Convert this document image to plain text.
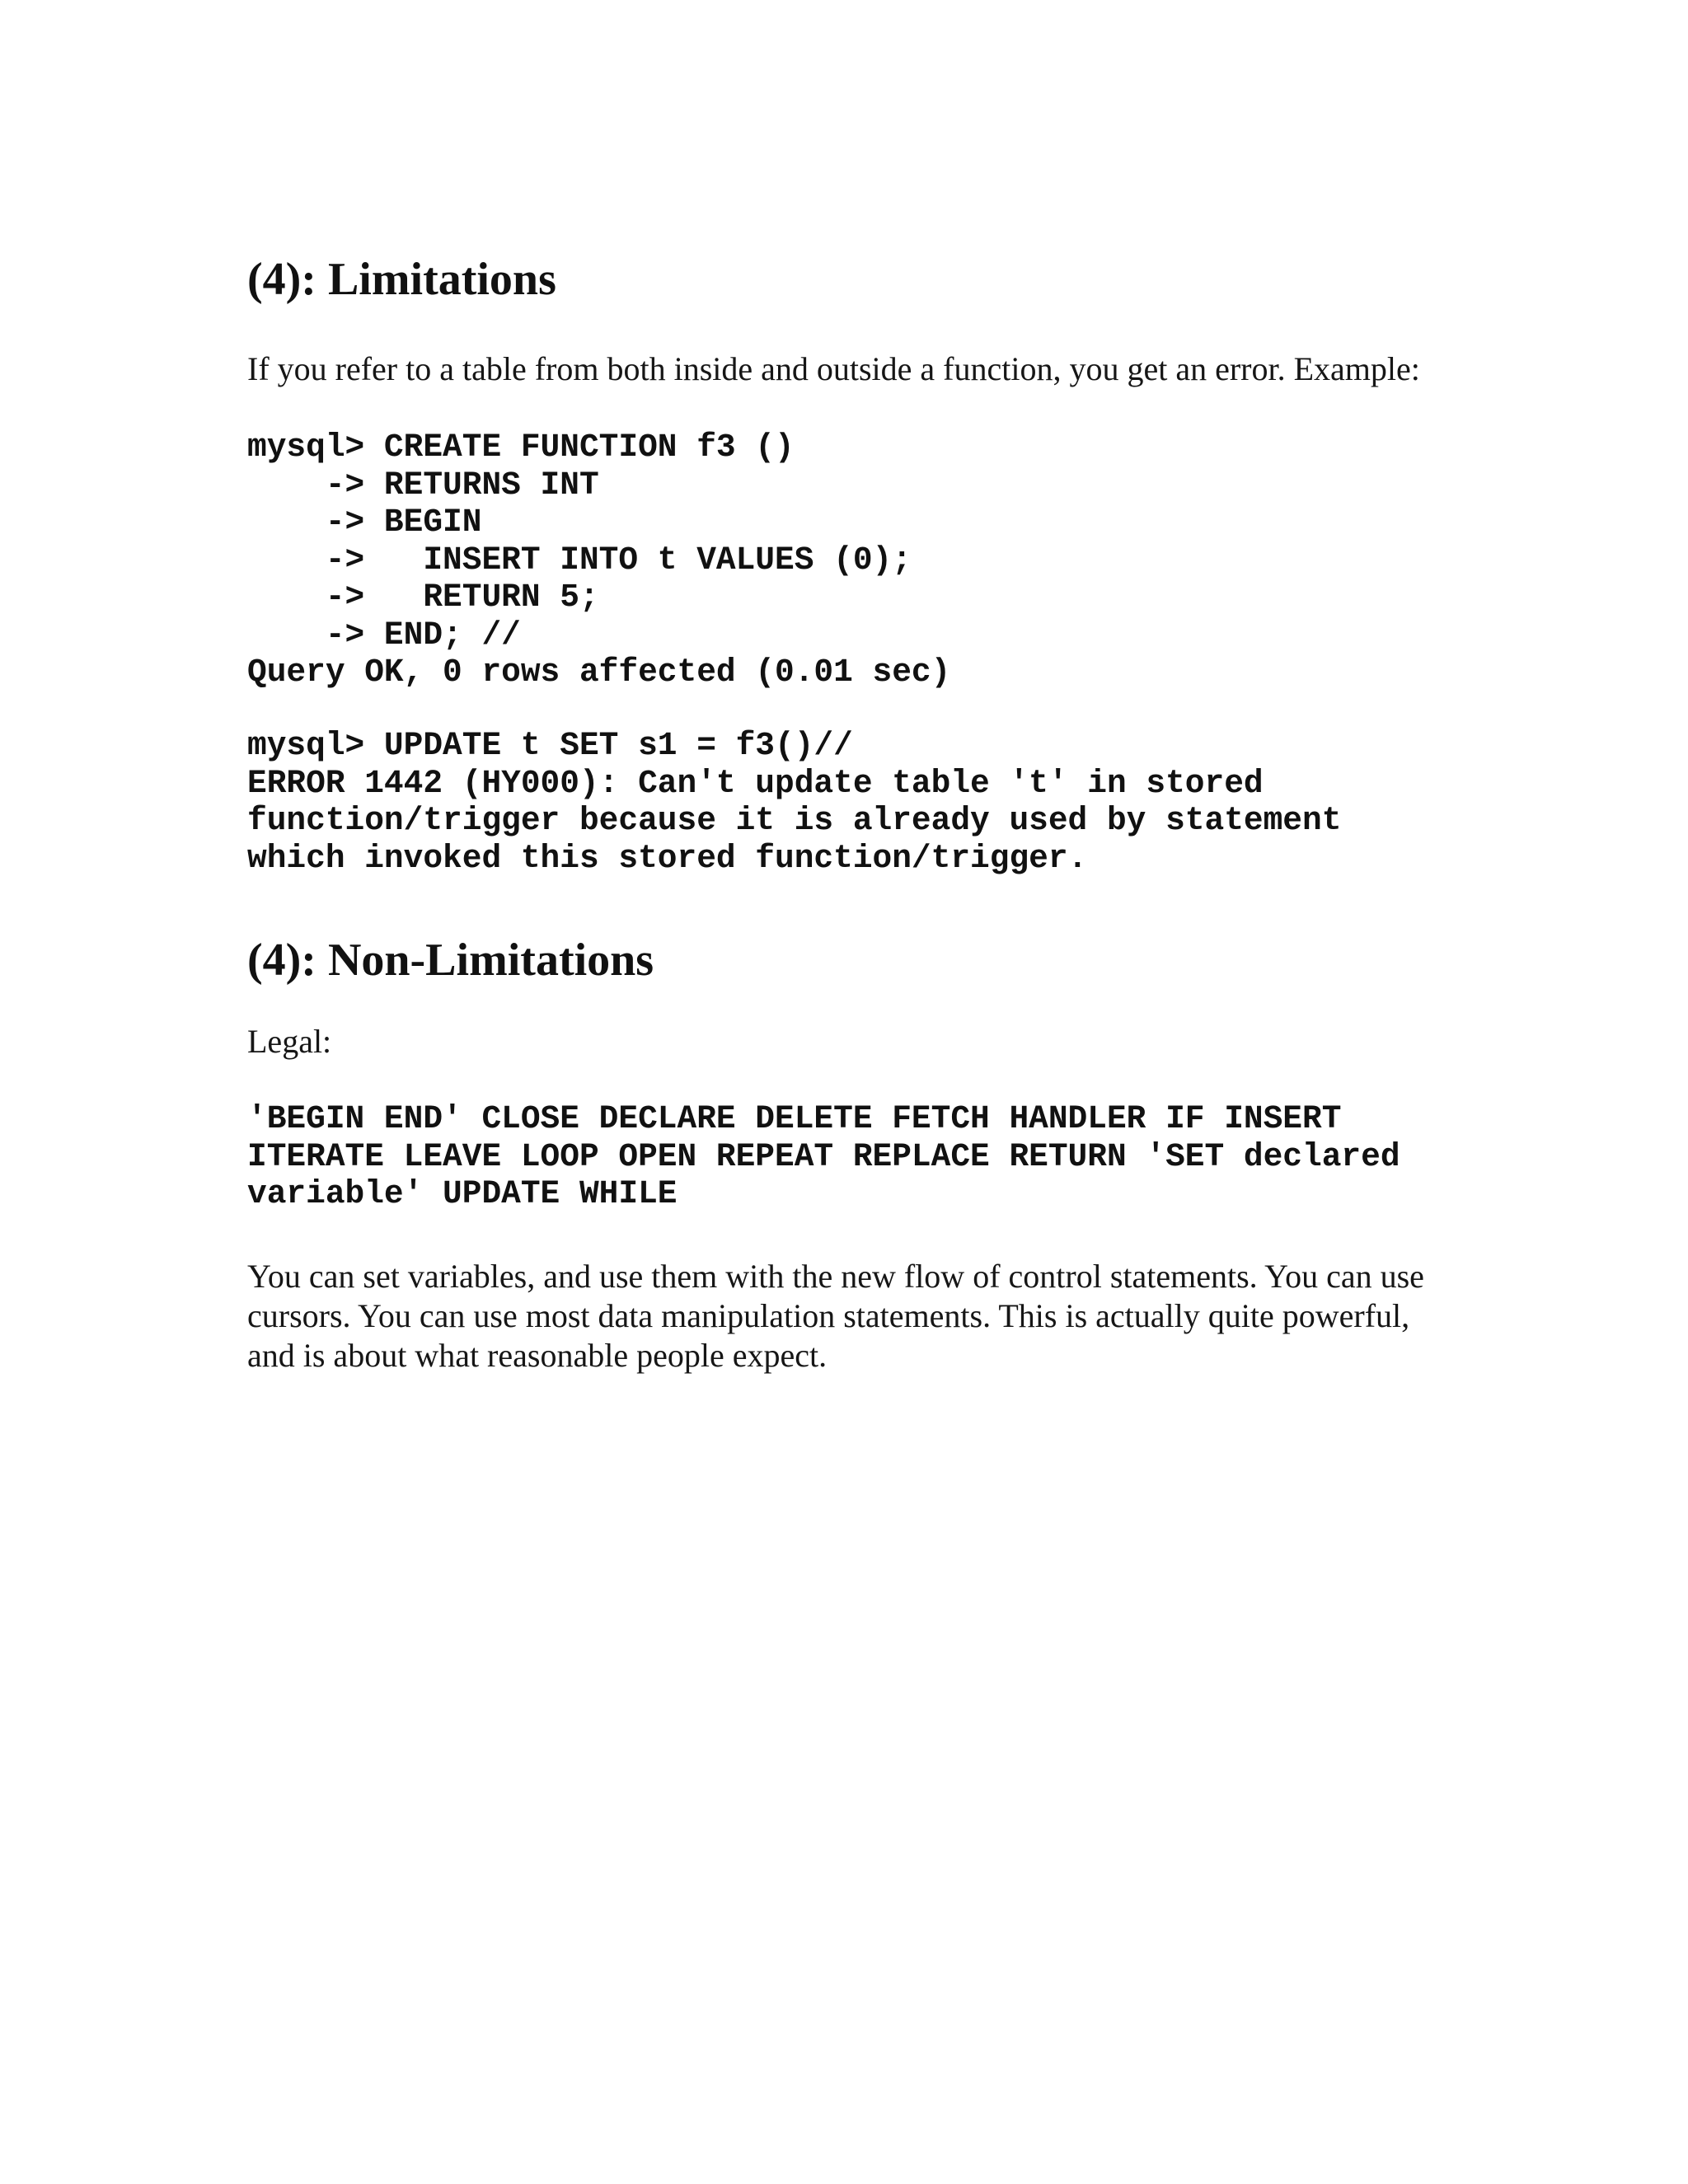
(4): Limitations

If you refer to a table from both inside and outside a function, you get an error. Example:

mysql> CREATE FUNCTION f3 ()
-> RETURNS INT
-> BEGIN
->   INSERT INTO t VALUES (0);
->   RETURN 5;
-> END; //
Query OK, 0 rows affected (0.01 sec)
mysql> UPDATE t SET s1 = f3()//
ERROR 1442 (HY000): Can't update table 't' in stored
function/trigger because it is already used by statement
which invoked this stored function/trigger.
(4): Non-Limitations

Legal:

'BEGIN END' CLOSE DECLARE DELETE FETCH HANDLER IF INSERT
ITERATE LEAVE LOOP OPEN REPEAT REPLACE RETURN 'SET declared
variable' UPDATE WHILE

You can set variables, and use them with the new flow of control statements. You can use cursors. You can use most data manipulation statements. This is actually quite powerful, and is about what reasonable people expect.
